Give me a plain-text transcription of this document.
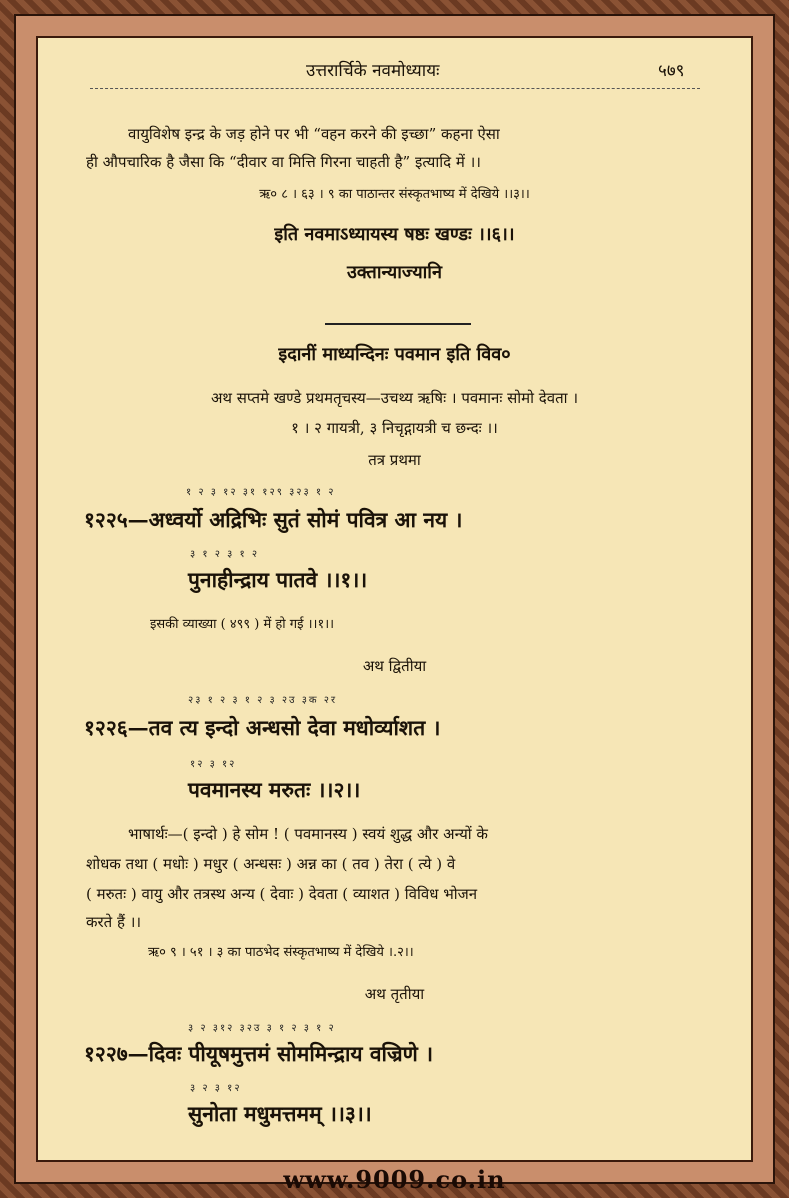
उत्तरार्चिके नवमोध्यायः	५७९
वायुविशेष इन्द्र के जड़ होने पर भी “वहन करने की इच्छा” कहना ऐसा
ही औपचारिक है जैसा कि “दीवार वा मित्ति गिरना चाहती है” इत्यादि में ।।
ऋ० ८ । ६३ । ९ का पाठान्तर संस्कृतभाष्य में देखिये ।।३।।
इति नवमाऽध्यायस्य षष्ठः खण्डः ।।६।।
उक्तान्याज्यानि
इदानीं माध्यन्दिनः पवमान इति विव०
अथ सप्तमे खण्डे प्रथमतृचस्य—उचथ्य ऋषिः । पवमानः सोमो देवता ।
१ । २ गायत्री, ३ निचृद्गायत्री च छन्दः ।।
तत्र प्रथमा
१ २ ३ १२ ३१ १२९ ३२३ १ २
१२२५—अध्वर्यो अद्रिभिः सुतं सोमं पवित्र आ नय ।
३ १ २ ३ १ २
पुनाहीन्द्राय पातवे ।।१।।
इसकी व्याख्या ( ४९९ ) में हो गई ।।१।।
अथ द्वितीया
२३ १ २ ३ १ २ ३ २उ ३क २र
१२२६—तव त्य इन्दो अन्धसो देवा मधोर्व्याशत ।
१२ ३ १२
पवमानस्य मरुतः ।।२।।
भाषार्थः—( इन्दो ) हे सोम ! ( पवमानस्य ) स्वयं शुद्ध और अन्यों के
शोधक तथा ( मधोः ) मधुर ( अन्धसः ) अन्न का ( तव ) तेरा ( त्ये ) वे
( मरुतः ) वायु और तत्रस्थ अन्य ( देवाः ) देवता ( व्याशत ) विविध भोजन
करते हैं ।।
ऋ० ९ । ५१ । ३ का पाठभेद संस्कृतभाष्य में देखिये ।.२।।
अथ तृतीया
३ २ ३१२ ३२उ ३ १ २ ३ १ २
१२२७—दिवः पीयूषमुत्तमं सोममिन्द्राय वज्रिणे ।
३ २ ३ १२
सुनोता मधुमत्तमम् ।।३।।
www.9009.co.in
